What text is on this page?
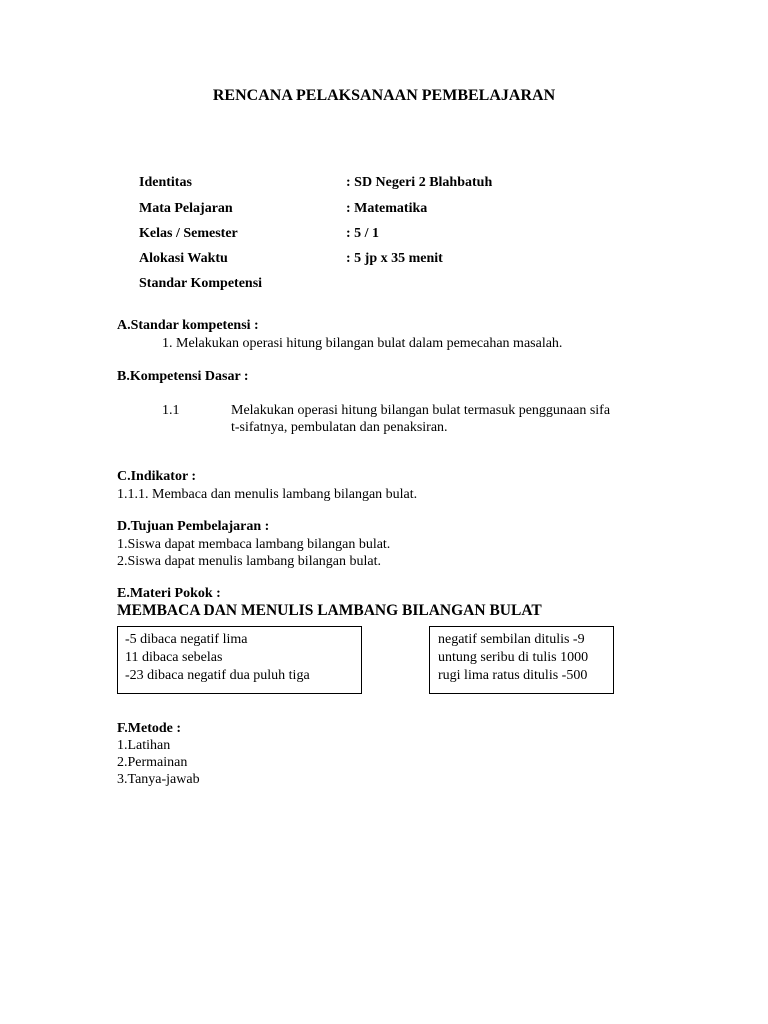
RENCANA PELAKSANAAN PEMBELAJARAN
Identitas	: SD Negeri 2 Blahbatuh
Mata Pelajaran	: Matematika
Kelas / Semester	: 5 / 1
Alokasi Waktu	: 5 jp x 35 menit
Standar Kompetensi
A.Standar kompetensi :
1. Melakukan operasi hitung bilangan bulat dalam pemecahan masalah.
B.Kompetensi Dasar :
1.1	Melakukan operasi hitung bilangan bulat termasuk penggunaan sifa
t-sifatnya, pembulatan dan penaksiran.
C.Indikator :
1.1.1. Membaca dan menulis lambang bilangan bulat.
D.Tujuan Pembelajaran :
1.Siswa dapat membaca lambang bilangan bulat.
2.Siswa dapat menulis lambang bilangan bulat.
E.Materi Pokok :
MEMBACA DAN MENULIS LAMBANG BILANGAN BULAT
-5 dibaca negatif lima
11 dibaca sebelas
-23 dibaca negatif dua puluh tiga
negatif sembilan ditulis -9
untung seribu di tulis 1000
rugi lima ratus ditulis -500
F.Metode :
1.Latihan
2.Permainan
3.Tanya-jawab
